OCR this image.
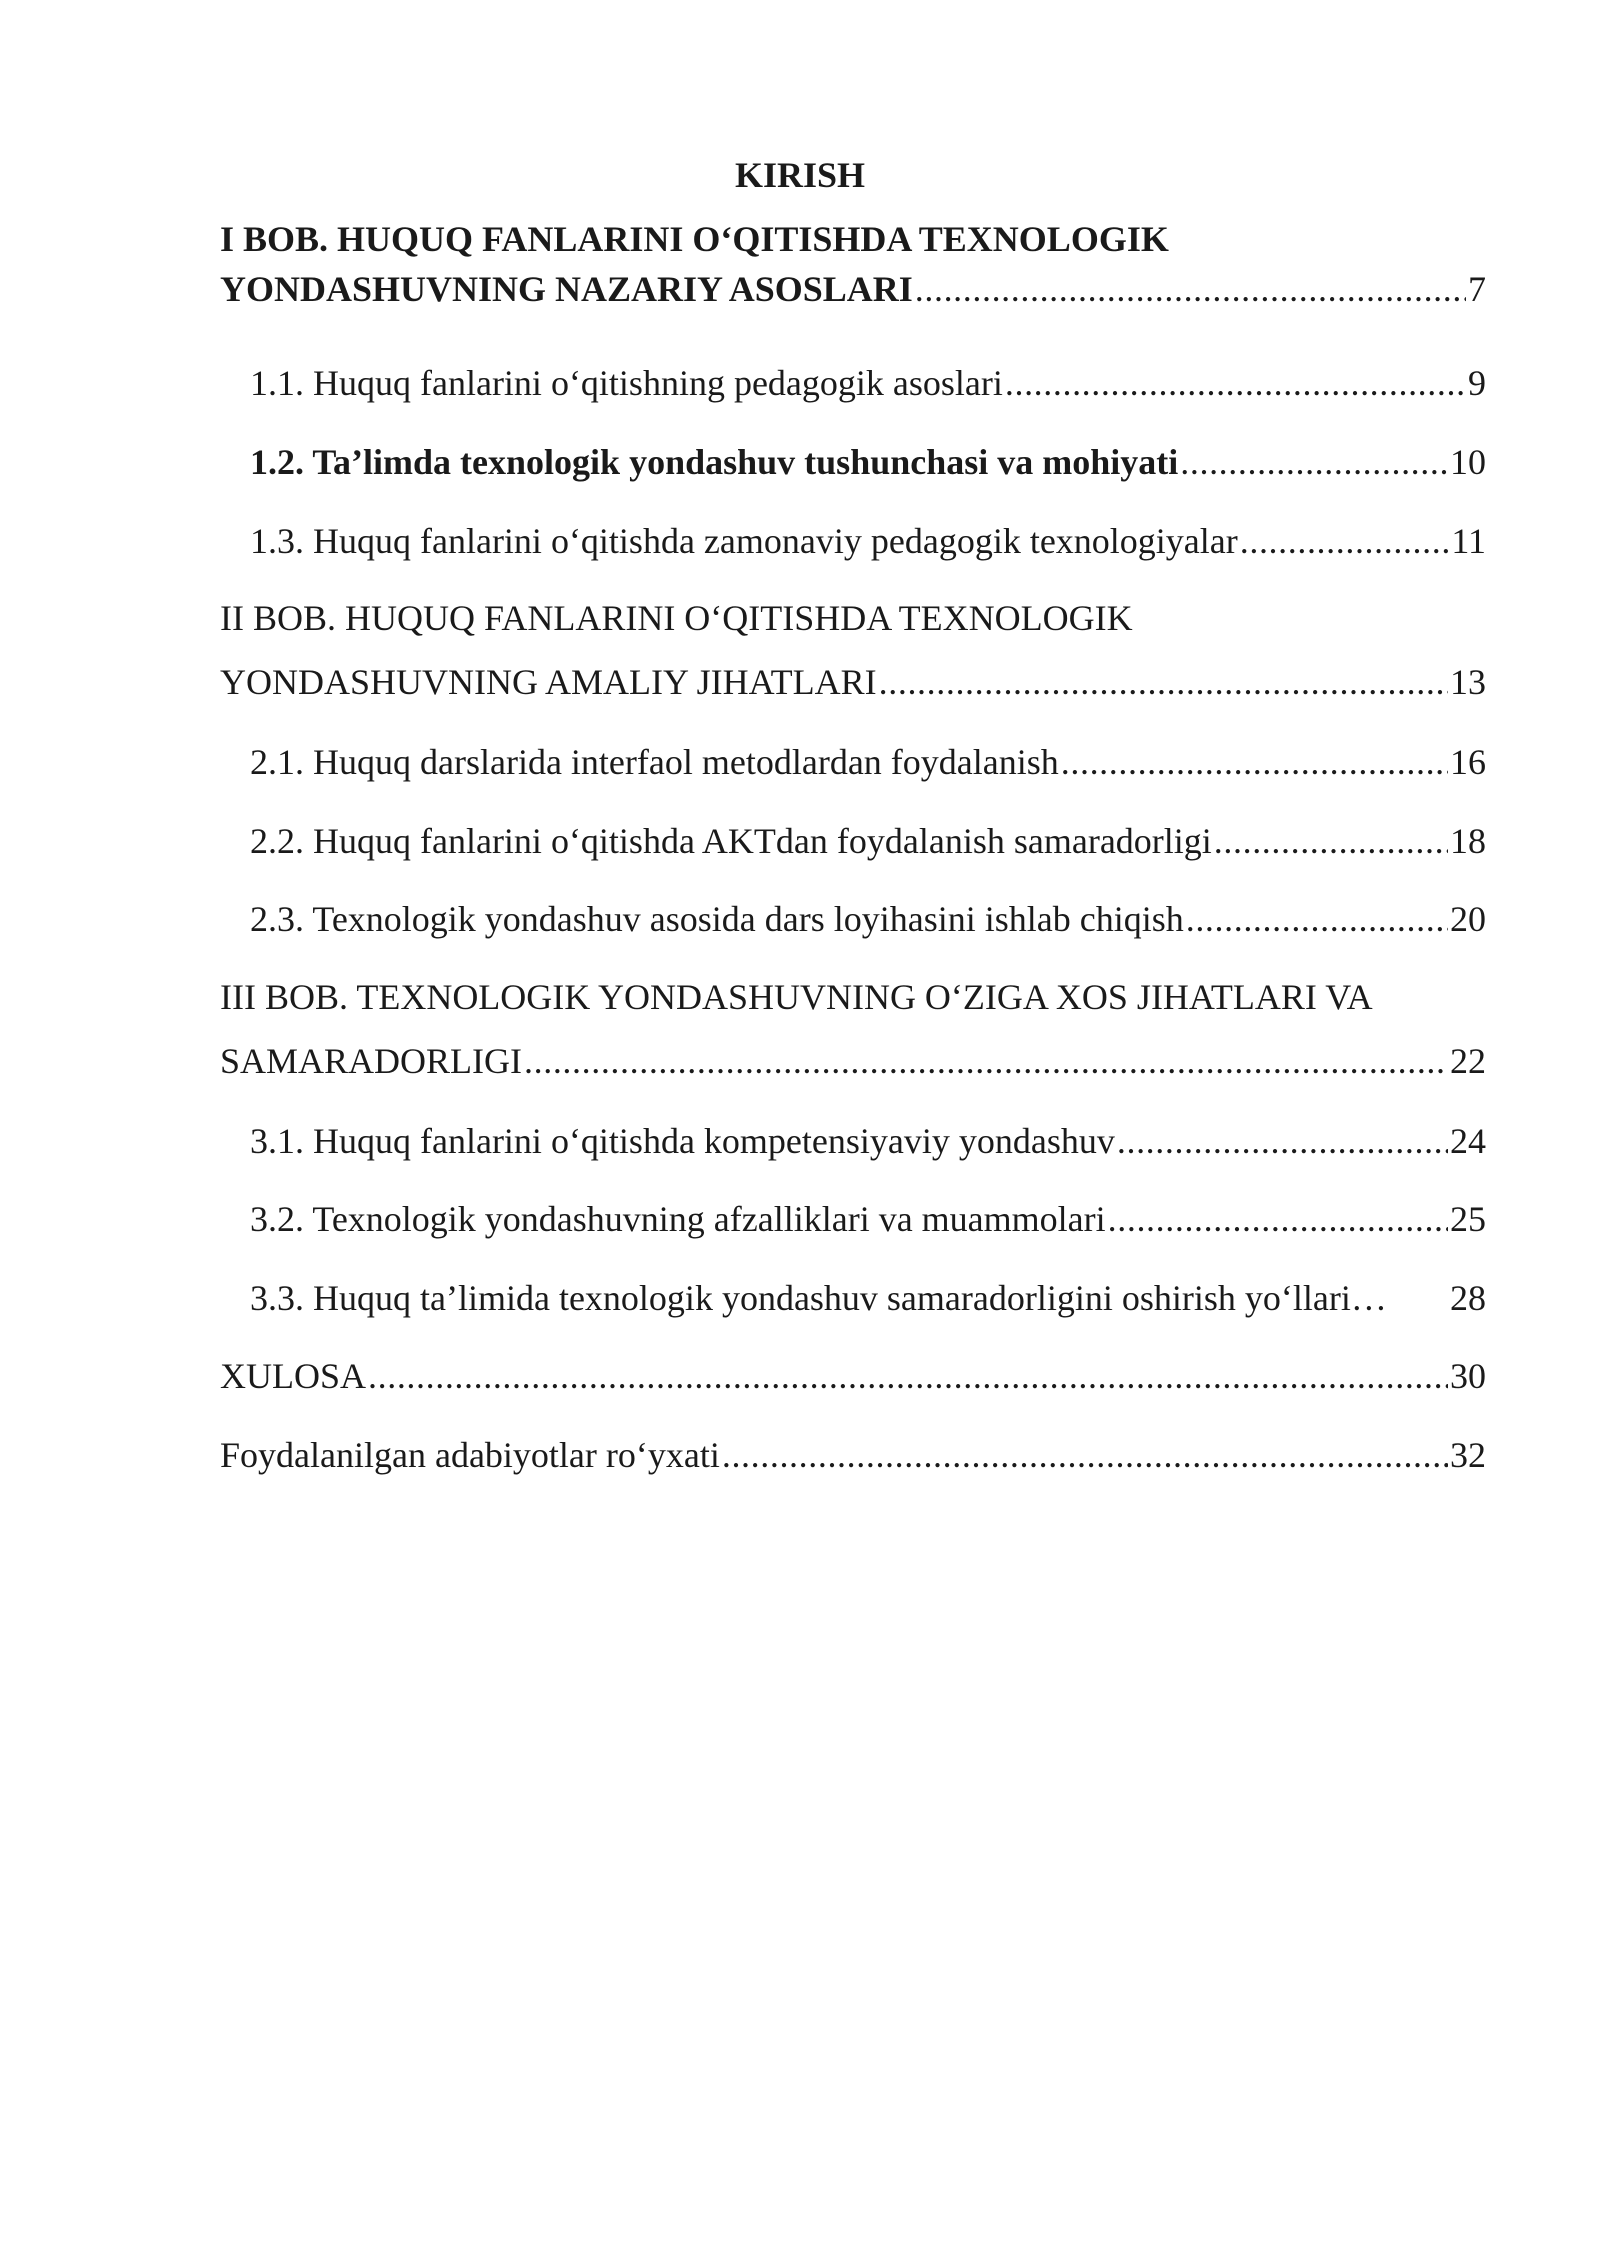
KIRISH
I BOB. HUQUQ FANLARINI O‘QITISHDA TEXNOLOGIK
YONDASHUVNING NAZARIY ASOSLARI .....	7
1.1. Huquq fanlarini o‘qitishning pedagogik asoslari .....	9
1.2. Ta’limda texnologik yondashuv tushunchasi va mohiyati .....	10
1.3. Huquq fanlarini o‘qitishda zamonaviy pedagogik texnologiyalar .....	11
II BOB. HUQUQ FANLARINI O‘QITISHDA TEXNOLOGIK
YONDASHUVNING AMALIY JIHATLARI .....	13
2.1. Huquq darslarida interfaol metodlardan foydalanish .....	16
2.2. Huquq fanlarini o‘qitishda AKTdan foydalanish samaradorligi .....	18
2.3. Texnologik yondashuv asosida dars loyihasini ishlab chiqish .....	20
III BOB. TEXNOLOGIK YONDASHUVNING O‘ZIGA XOS JIHATLARI VA
SAMARADORLIGI .....	22
3.1. Huquq fanlarini o‘qitishda kompetensiyaviy yondashuv .....	24
3.2. Texnologik yondashuvning afzalliklari va muammolari .....	25
3.3. Huquq ta’limida texnologik yondashuv samaradorligini oshirish yo‘llari… 28
XULOSA .....	30
Foydalanilgan adabiyotlar ro‘yxati .....	32
